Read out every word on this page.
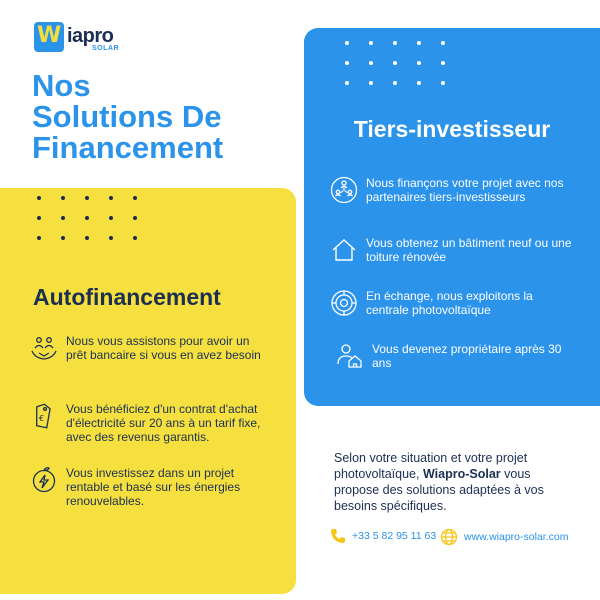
W iapro
SOLAR
Nos
Solutions De
Financement
Tiers-investisseur
Nous finançons votre projet avec nos partenaires tiers-investisseurs
Vous obtenez un bâtiment neuf ou une toiture rénovée
En échange, nous exploitons la centrale photovoltaïque
Vous devenez propriétaire après 30 ans
Autofinancement
Nous vous assistons pour avoir un prêt bancaire si vous en avez besoin
€
Vous bénéficiez d'un contrat d'achat d'électricité sur 20 ans à un tarif fixe, avec des revenus garantis.
Vous investissez dans un projet rentable et basé sur les énergies renouvelables.
Selon votre situation et votre projet photovoltaïque, Wiapro-Solar vous propose des solutions adaptées à vos besoins spécifiques.
+33 5 82 95 11 63	www.wiapro-solar.com
